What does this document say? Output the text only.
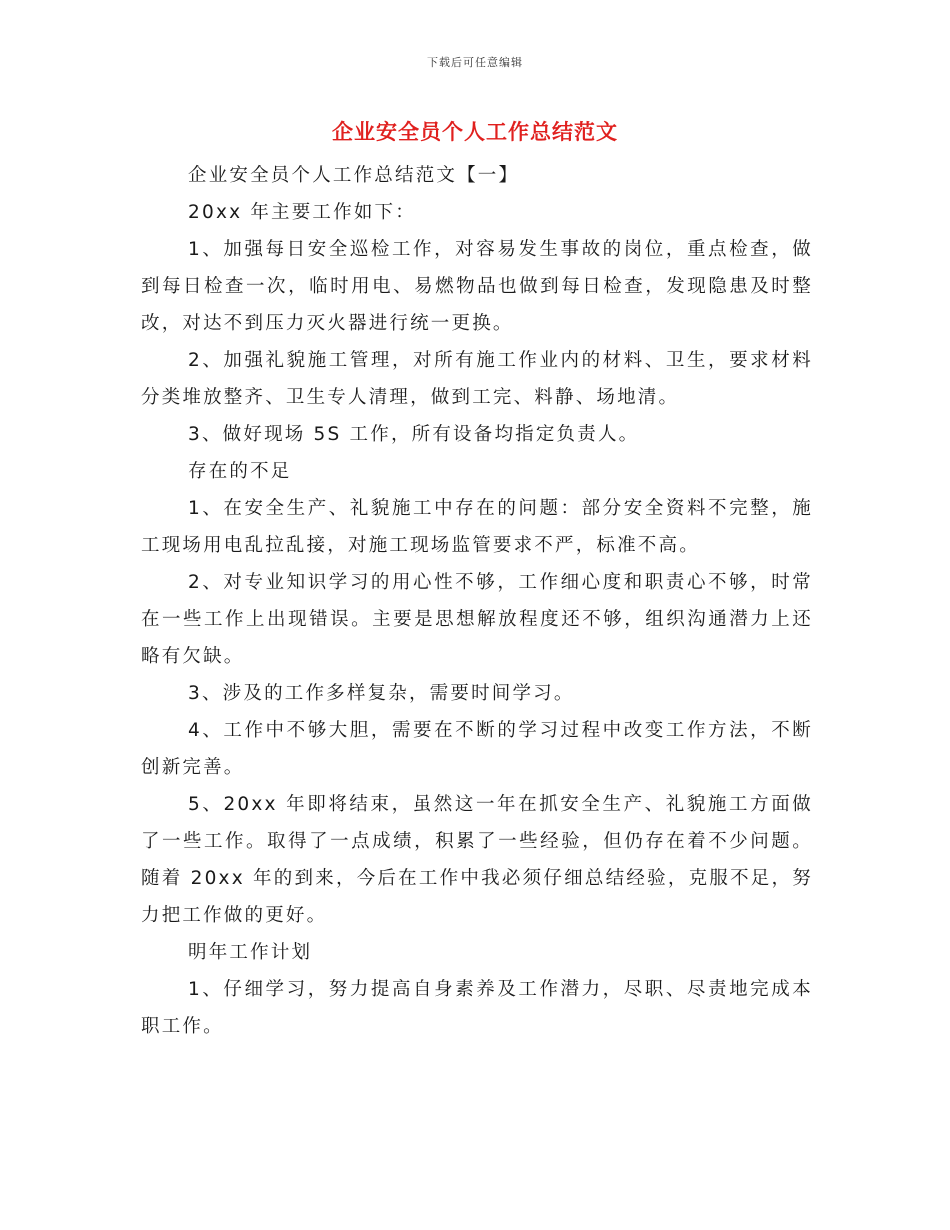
下载后可任意编辑
企业安全员个人工作总结范文

企业安全员个人工作总结范文【一】

20xx 年主要工作如下：

1、加强每日安全巡检工作，对容易发生事故的岗位，重点检查，做到每日检查一次，临时用电、易燃物品也做到每日检查，发现隐患及时整改，对达不到压力灭火器进行统一更换。

2、加强礼貌施工管理，对所有施工作业内的材料、卫生，要求材料分类堆放整齐、卫生专人清理，做到工完、料静、场地清。

3、做好现场 5S 工作，所有设备均指定负责人。

存在的不足

1、在安全生产、礼貌施工中存在的问题：部分安全资料不完整，施工现场用电乱拉乱接，对施工现场监管要求不严，标准不高。

2、对专业知识学习的用心性不够，工作细心度和职责心不够，时常在一些工作上出现错误。主要是思想解放程度还不够，组织沟通潜力上还略有欠缺。

3、涉及的工作多样复杂，需要时间学习。

4、工作中不够大胆，需要在不断的学习过程中改变工作方法，不断创新完善。

5、20xx 年即将结束，虽然这一年在抓安全生产、礼貌施工方面做了一些工作。取得了一点成绩，积累了一些经验，但仍存在着不少问题。随着 20xx 年的到来，今后在工作中我必须仔细总结经验，克服不足，努力把工作做的更好。

明年工作计划

1、仔细学习，努力提高自身素养及工作潜力，尽职、尽责地完成本职工作。
